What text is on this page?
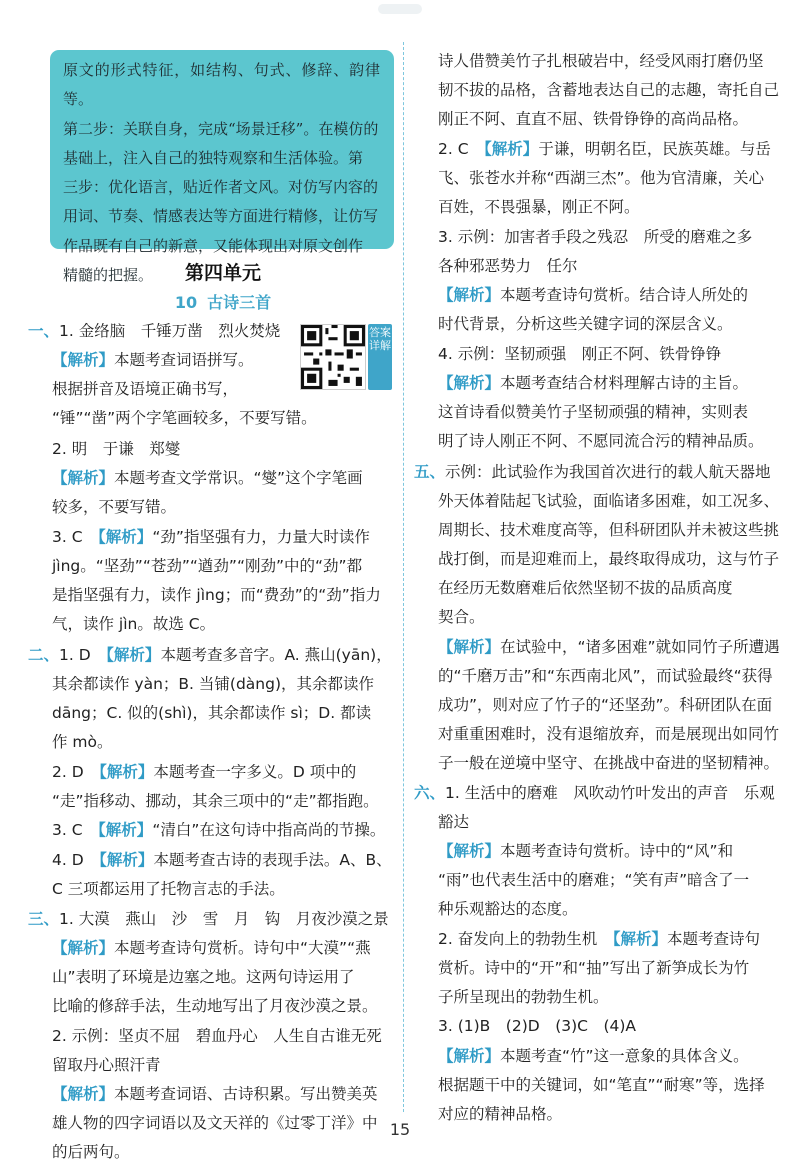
原文的形式特征，如结构、句式、修辞、韵律等。
第二步：关联自身，完成“场景迁移”。在模仿的
基础上，注入自己的独特观察和生活体验。第
三步：优化语言，贴近作者文风。对仿写内容的
用词、节奏、情感表达等方面进行精修，让仿写
作品既有自己的新意，又能体现出对原文创作
精髓的把握。	第四单元
10 古诗三首
答案详解
一、1. 金络脑　千锤万凿　烈火焚烧
【解析】本题考查词语拼写。
根据拼音及语境正确书写，
“锤”“凿”两个字笔画较多，不要写错。
2. 明　于谦　郑燮
【解析】本题考查文学常识。“燮”这个字笔画
较多，不要写错。
3. C　【解析】“劲”指坚强有力，力量大时读作
jìng。“坚劲”“苍劲”“遒劲”“刚劲”中的“劲”都
是指坚强有力，读作 jìng；而“费劲”的“劲”指力
气，读作 jìn。故选 C。
二、1. D　【解析】本题考查多音字。A. 燕山(yān)，
其余都读作 yàn；B. 当铺(dàng)，其余都读作
dāng；C. 似的(shì)，其余都读作 sì；D. 都读
作 mò。
2. D　【解析】本题考查一字多义。D 项中的
“走”指移动、挪动，其余三项中的“走”都指跑。
3. C　【解析】“清白”在这句诗中指高尚的节操。
4. D　【解析】本题考查古诗的表现手法。A、B、
C 三项都运用了托物言志的手法。
三、1. 大漠　燕山　沙　雪　月　钩　月夜沙漠之景
【解析】本题考查诗句赏析。诗句中“大漠”“燕
山”表明了环境是边塞之地。这两句诗运用了
比喻的修辞手法，生动地写出了月夜沙漠之景。
2. 示例：坚贞不屈　碧血丹心　人生自古谁无死
留取丹心照汗青
【解析】本题考查词语、古诗积累。写出赞美英
雄人物的四字词语以及文天祥的《过零丁洋》中
的后两句。
诗人借赞美竹子扎根破岩中，经受风雨打磨仍坚
韧不拔的品格，含蓄地表达自己的志趣，寄托自己
刚正不阿、直直不屈、铁骨铮铮的高尚品格。
2. C　【解析】于谦，明朝名臣，民族英雄。与岳
飞、张苍水并称“西湖三杰”。他为官清廉，关心
百姓，不畏强暴，刚正不阿。
3. 示例：加害者手段之残忍　所受的磨难之多
各种邪恶势力　任尔
【解析】本题考查诗句赏析。结合诗人所处的
时代背景，分析这些关键字词的深层含义。
4. 示例：坚韧顽强　刚正不阿、铁骨铮铮
【解析】本题考查结合材料理解古诗的主旨。
这首诗看似赞美竹子坚韧顽强的精神，实则表
明了诗人刚正不阿、不愿同流合污的精神品质。
五、示例：此试验作为我国首次进行的载人航天器地
外天体着陆起飞试验，面临诸多困难，如工况多、
周期长、技术难度高等，但科研团队并未被这些挑
战打倒，而是迎难而上，最终取得成功，这与竹子
在经历无数磨难后依然坚韧不拔的品质高度
契合。
【解析】在试验中，“诸多困难”就如同竹子所遭遇
的“千磨万击”和“东西南北风”，而试验最终“获得
成功”，则对应了竹子的“还坚劲”。科研团队在面
对重重困难时，没有退缩放弃，而是展现出如同竹
子一般在逆境中坚守、在挑战中奋进的坚韧精神。
六、1. 生活中的磨难　风吹动竹叶发出的声音　乐观
豁达
【解析】本题考查诗句赏析。诗中的“风”和
“雨”也代表生活中的磨难；“笑有声”暗含了一
种乐观豁达的态度。
2. 奋发向上的勃勃生机　【解析】本题考查诗句
赏析。诗中的“开”和“抽”写出了新笋成长为竹
子所呈现出的勃勃生机。
3. (1)B　(2)D　(3)C　(4)A
【解析】本题考查“竹”这一意象的具体含义。
根据题干中的关键词，如“笔直”“耐寒”等，选择
对应的精神品格。
15
